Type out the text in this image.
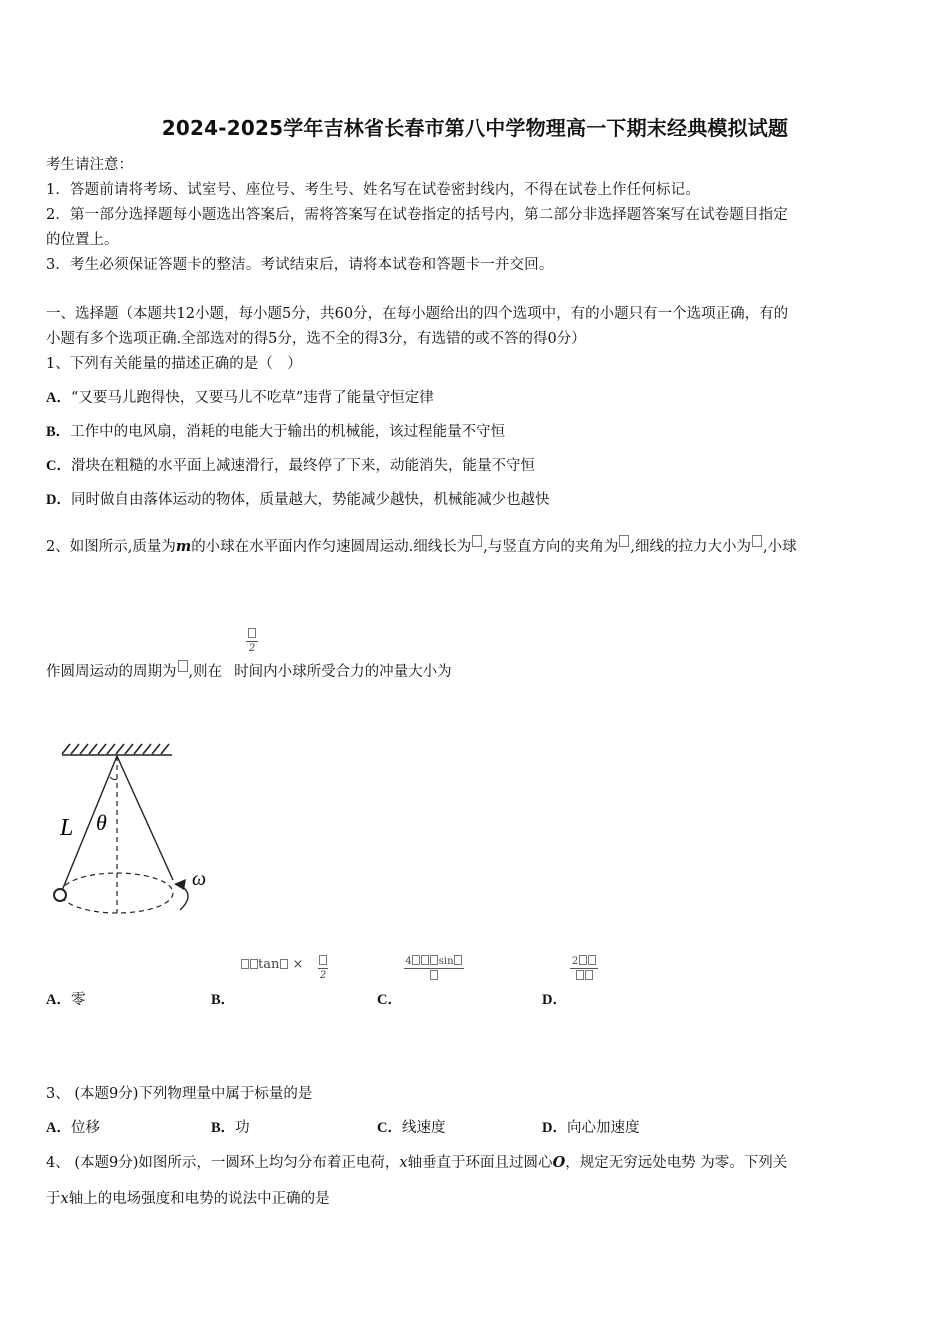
2024-2025学年吉林省长春市第八中学物理高一下期末经典模拟试题
考生请注意：
1．答题前请将考场、试室号、座位号、考生号、姓名写在试卷密封线内，不得在试卷上作任何标记。
2．第一部分选择题每小题选出答案后，需将答案写在试卷指定的括号内，第二部分非选择题答案写在试卷题目指定
的位置上。
3．考生必须保证答题卡的整洁。考试结束后，请将本试卷和答题卡一并交回。
一、选择题（本题共12小题，每小题5分，共60分，在每小题给出的四个选项中，有的小题只有一个选项正确，有的
小题有多个选项正确.全部选对的得5分，选不全的得3分，有选错的或不答的得0分）
1、下列有关能量的描述正确的是（　）
A．“又要马儿跑得快，又要马儿不吃草”违背了能量守恒定律
B．工作中的电风扇，消耗的电能大于输出的机械能，该过程能量不守恒
C．滑块在粗糙的水平面上减速滑行，最终停了下来，动能消失，能量不守恒
D．同时做自由落体运动的物体，质量越大，势能减少越快，机械能减少也越快
2、如图所示,质量为m的小球在水平面内作匀速圆周运动.细线长为 ,与竖直方向的夹角为 ,细线的拉力大小为 ,小球
2
作圆周运动的周期为 ,则在 时间内小球所受合力的冲量大小为
L θ
ω
A．零	B．
tan ×
2
C．
4	sin
D．
2
3、 (本题9分)下列物理量中属于标量的是
A．位移	B．功	C．线速度	D．向心加速度
4、 (本题9分)如图所示，一圆环上均匀分布着正电荷，x轴垂直于环面且过圆心O，规定无穷远处电势 为零。下列关
于x轴上的电场强度和电势的说法中正确的是
